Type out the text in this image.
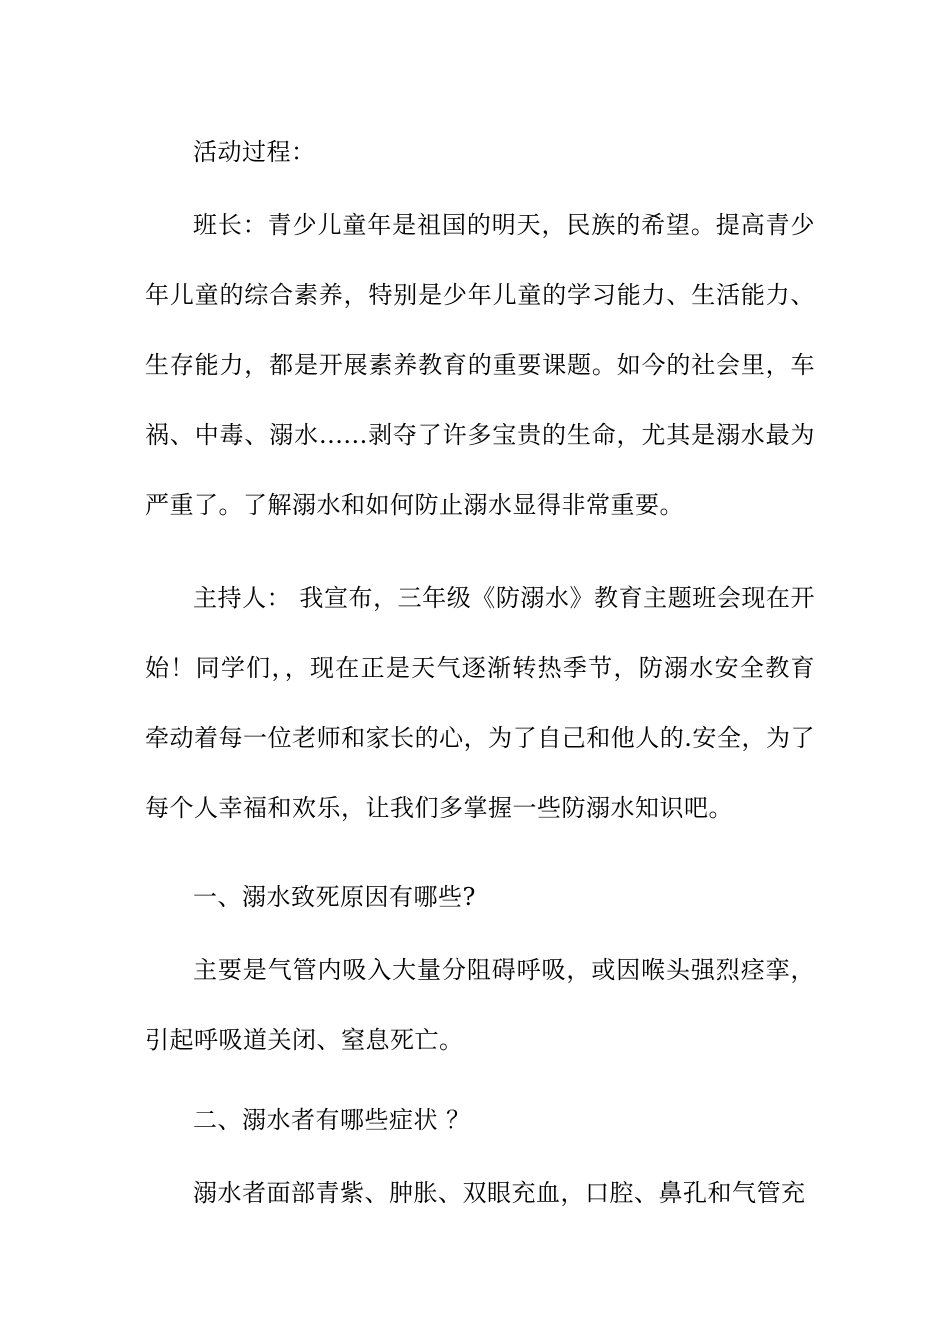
活动过程：

班长：青少儿童年是祖国的明天，民族的希望。提高青少年儿童的综合素养，特别是少年儿童的学习能力、生活能力、生存能力，都是开展素养教育的重要课题。如今的社会里，车祸、中毒、溺水......剥夺了许多宝贵的生命，尤其是溺水最为严重了。了解溺水和如何防止溺水显得非常重要。

主持人： 我宣布，三年级《防溺水》教育主题班会现在开始！同学们，，现在正是天气逐渐转热季节，防溺水安全教育牵动着每一位老师和家长的心，为了自己和他人的.安全，为了每个人幸福和欢乐，让我们多掌握一些防溺水知识吧。

一、溺水致死原因有哪些?

主要是气管内吸入大量分阻碍呼吸，或因喉头强烈痉挛，引起呼吸道关闭、窒息死亡。

二、溺水者有哪些症状 ？

溺水者面部青紫、肿胀、双眼充血，口腔、鼻孔和气管充
